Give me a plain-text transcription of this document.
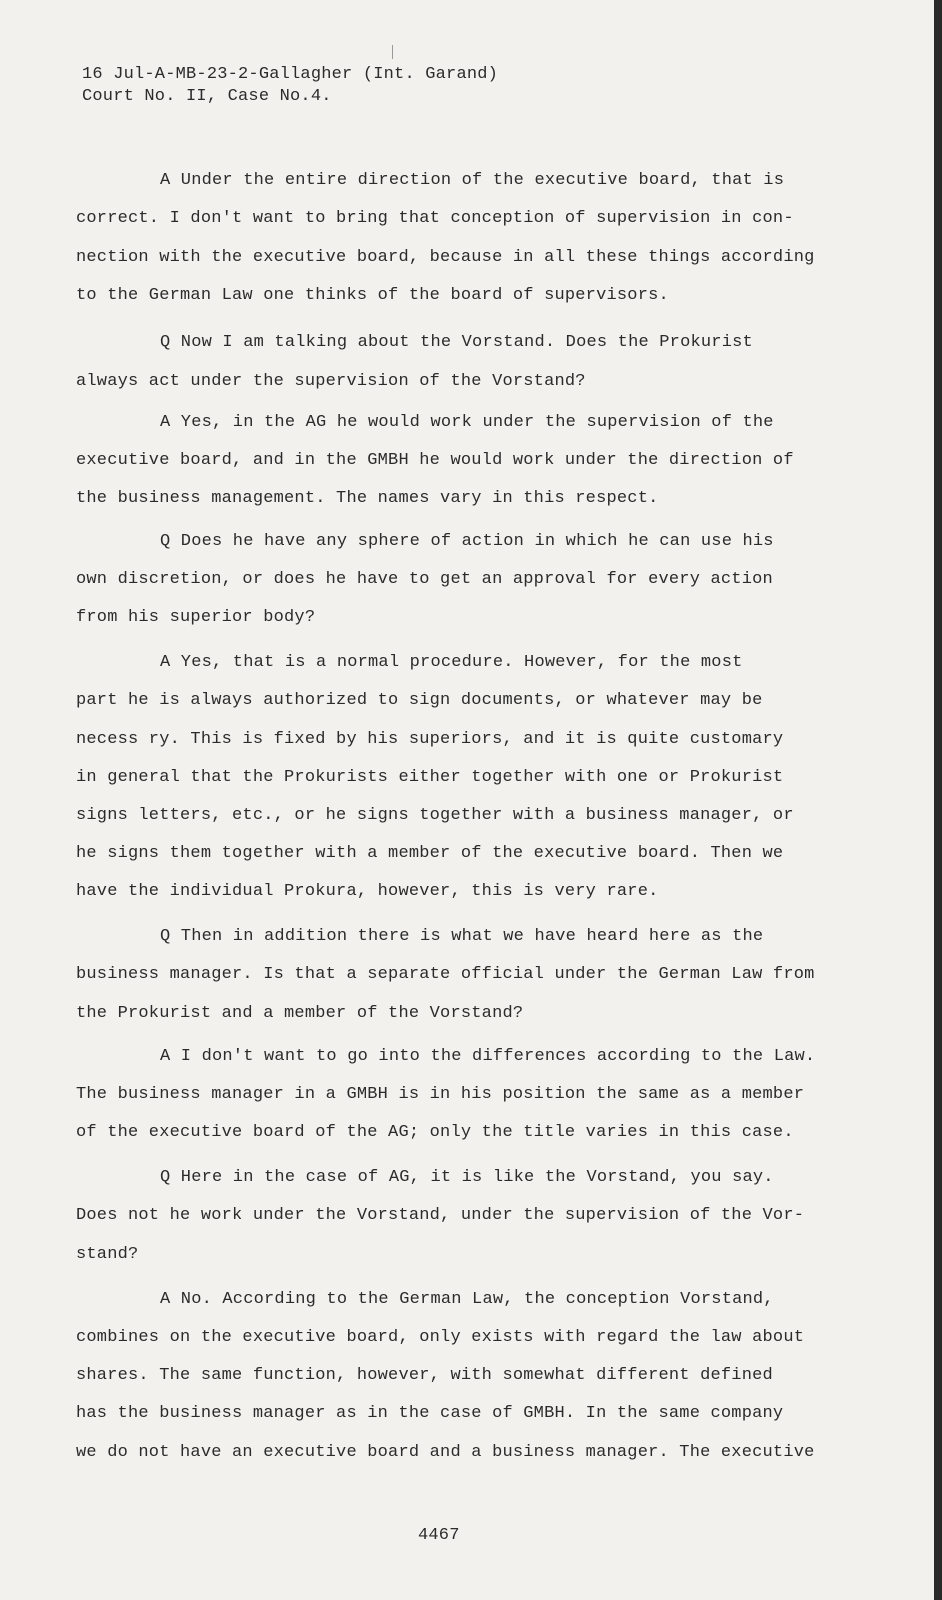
16 Jul-A-MB-23-2-Gallagher (Int. Garand)
Court No. II, Case No.4.
A Under the entire direction of the executive board, that is
correct. I don't want to bring that conception of supervision in con-
nection with the executive board, because in all these things according
to the German Law one thinks of the board of supervisors.
Q Now I am talking about the Vorstand. Does the Prokurist
always act under the supervision of the Vorstand?
A Yes, in the AG he would work under the supervision of the
executive board, and in the GMBH he would work under the direction of
the business management. The names vary in this respect.
Q Does he have any sphere of action in which he can use his
own discretion, or does he have to get an approval for every action
from his superior body?
A Yes, that is a normal procedure. However, for the most
part he is always authorized to sign documents, or whatever may be
necess ry. This is fixed by his superiors, and it is quite customary
in general that the Prokurists either together with one or Prokurist
signs letters, etc., or he signs together with a business manager, or
he signs them together with a member of the executive board. Then we
have the individual Prokura, however, this is very rare.
Q Then in addition there is what we have heard here as the
business manager. Is that a separate official under the German Law from
the Prokurist and a member of the Vorstand?
A I don't want to go into the differences according to the Law.
The business manager in a GMBH is in his position the same as a member
of the executive board of the AG; only the title varies in this case.
Q Here in the case of AG, it is like the Vorstand, you say.
Does not he work under the Vorstand, under the supervision of the Vor-
stand?
A No. According to the German Law, the conception Vorstand,
combines on the executive board, only exists with regard the law about
shares. The same function, however, with somewhat different defined
has the business manager as in the case of GMBH. In the same company
we do not have an executive board and a business manager. The executive
4467
